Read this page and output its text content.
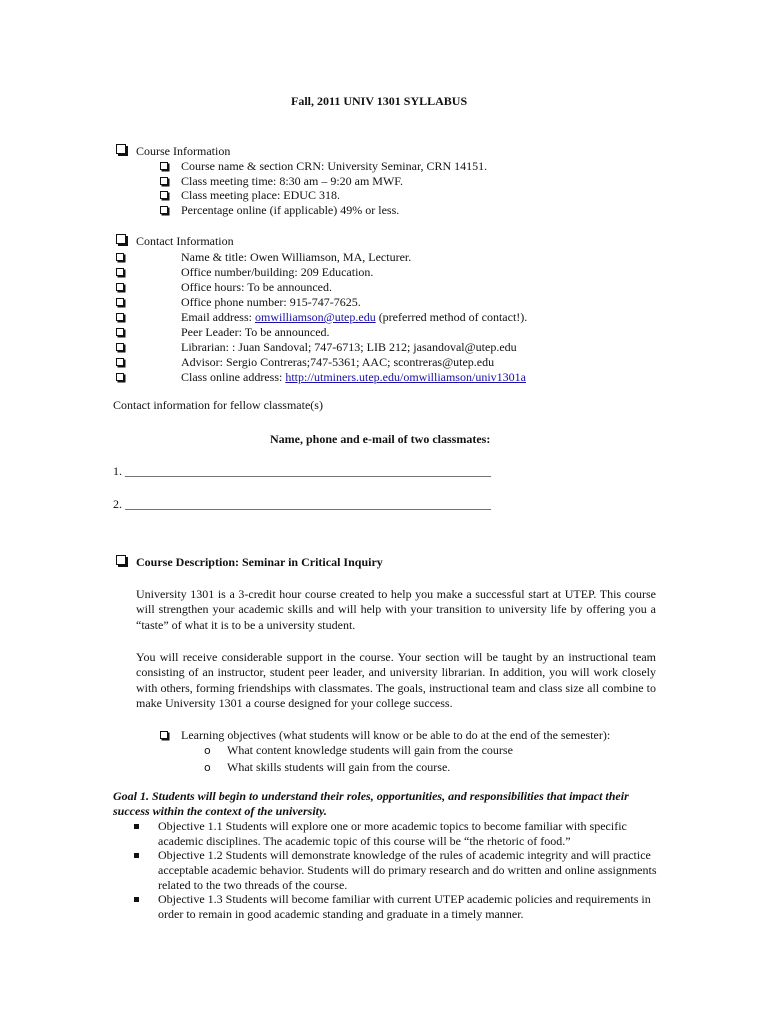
Fall, 2011 UNIV 1301 SYLLABUS
Course Information
Course name & section CRN: University Seminar, CRN 14151.
Class meeting time: 8:30 am – 9:20 am MWF.
Class meeting place: EDUC 318.
Percentage online (if applicable) 49% or less.
Contact Information
Name & title: Owen Williamson, MA, Lecturer.
Office number/building: 209 Education.
Office hours: To be announced.
Office phone number: 915-747-7625.
Email address: omwilliamson@utep.edu (preferred method of contact!).
Peer Leader: To be announced.
Librarian: : Juan Sandoval; 747-6713; LIB 212; jasandoval@utep.edu
Advisor: Sergio Contreras;747-5361; AAC; scontreras@utep.edu
Class online address: http://utminers.utep.edu/omwilliamson/univ1301a
Contact information for fellow classmate(s)
Name, phone and e-mail of two classmates:
1. _____________________________________________________________
2. _____________________________________________________________
Course Description: Seminar in Critical Inquiry
University 1301 is a 3-credit hour course created to help you make a successful start at UTEP. This course will strengthen your academic skills and will help with your transition to university life by offering you a “taste” of what it is to be a university student.
You will receive considerable support in the course. Your section will be taught by an instructional team consisting of an instructor, student peer leader, and university librarian. In addition, you will work closely with others, forming friendships with classmates. The goals, instructional team and class size all combine to make University 1301 a course designed for your college success.
Learning objectives (what students will know or be able to do at the end of the semester):
o What content knowledge students will gain from the course
o What skills students will gain from the course.
Goal 1. Students will begin to understand their roles, opportunities, and responsibilities that impact their
success within the context of the university.
Objective 1.1 Students will explore one or more academic topics to become familiar with specific academic disciplines. The academic topic of this course will be “the rhetoric of food.”
Objective 1.2 Students will demonstrate knowledge of the rules of academic integrity and will practice acceptable academic behavior. Students will do primary research and do written and online assignments related to the two threads of the course.
Objective 1.3 Students will become familiar with current UTEP academic policies and requirements in order to remain in good academic standing and graduate in a timely manner.
